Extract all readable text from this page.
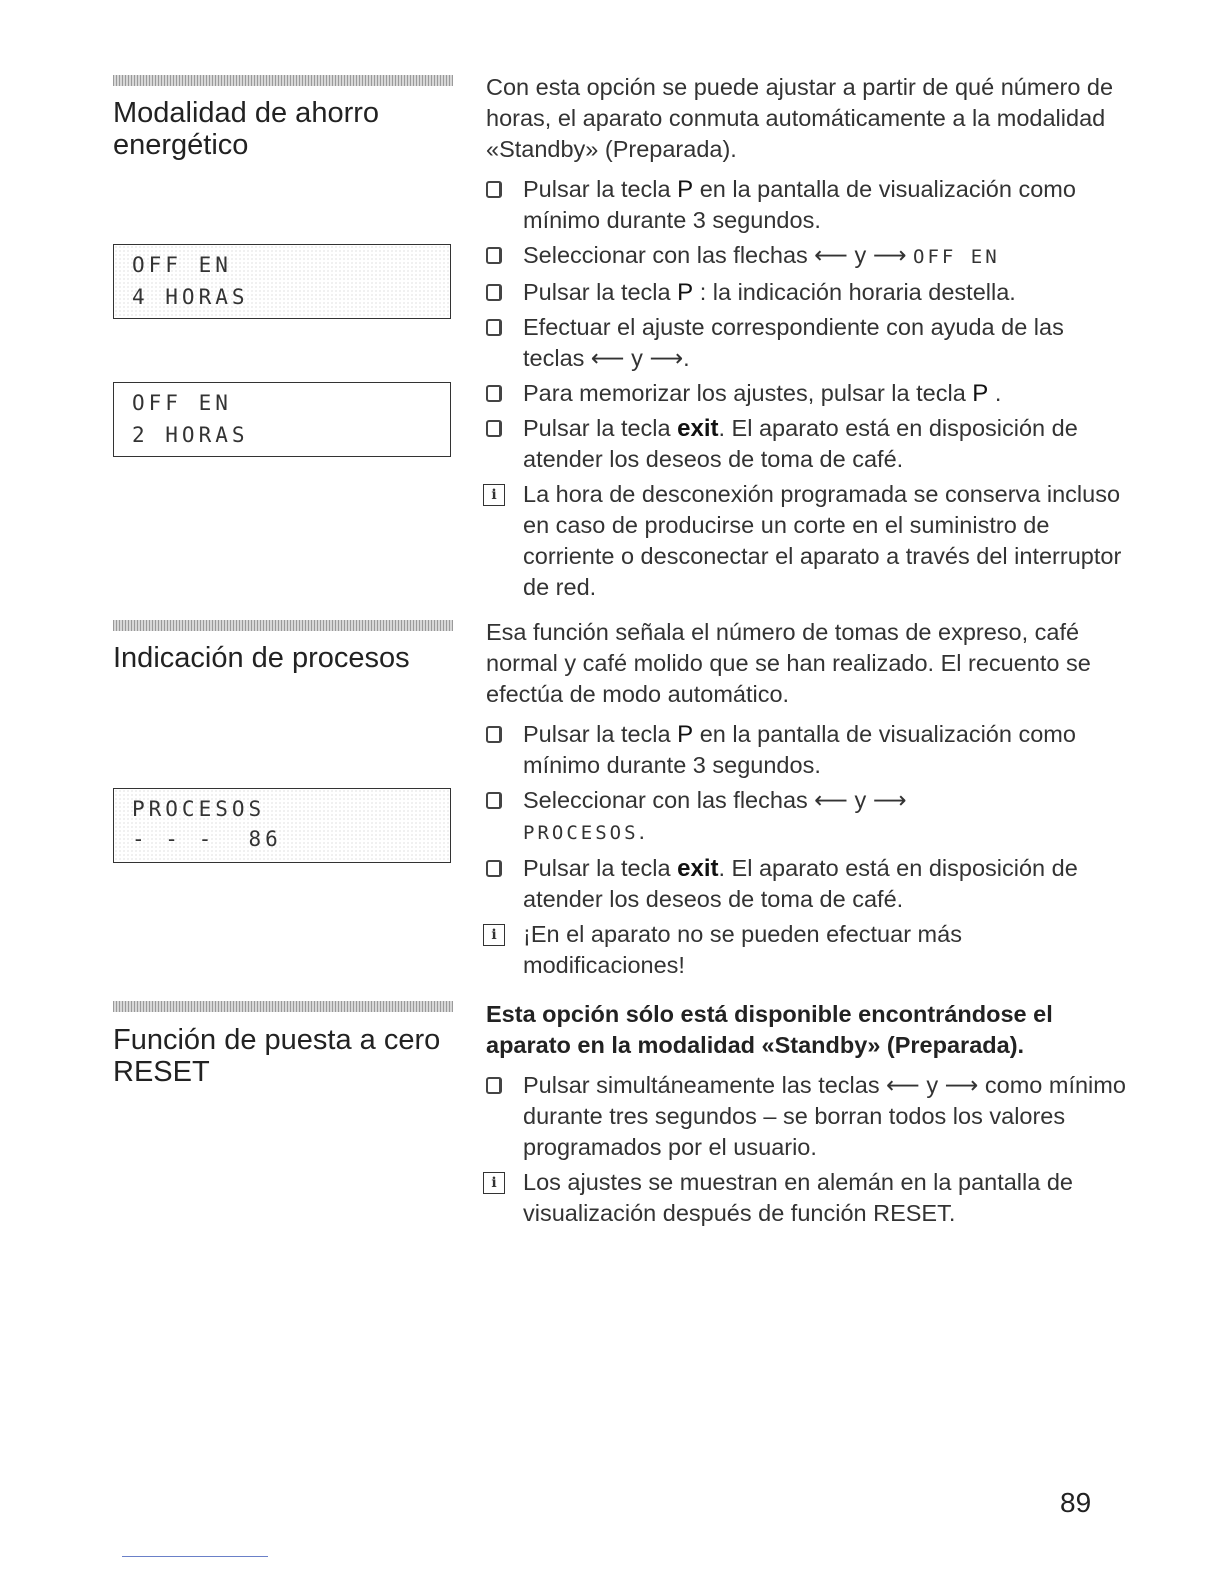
Modalidad de ahorro energético
OFF EN
4 HORAS
OFF EN
2 HORAS

Con esta opción se puede ajustar a partir de qué número de horas, el aparato conmuta automáticamente a la modalidad «Standby» (Preparada).

Pulsar la tecla P en la pantalla de visualización como mínimo durante 3 segundos.
Seleccionar con las flechas ⟵ y ⟶ OFF EN
Pulsar la tecla P : la indicación horaria destella.
Efectuar el ajuste correspondiente con ayuda de las teclas ⟵ y ⟶.
Para memorizar los ajustes, pulsar la tecla P .
Pulsar la tecla exit. El aparato está en disposición de atender los deseos de toma de café.
i	La hora de desconexión programada se conserva incluso en caso de producirse un corte en el suministro de corriente o desconectar el aparato a través del interruptor de red.
Indicación de procesos
PROCESOS
- - -  86

Esa función señala el número de tomas de expreso, café normal y café molido que se han realizado. El recuento se efectúa de modo automático.

Pulsar la tecla P en la pantalla de visualización como mínimo durante 3 segundos.
Seleccionar con las flechas ⟵ y ⟶
PROCESOS.
Pulsar la tecla exit. El aparato está en disposición de atender los deseos de toma de café.
i	¡En el aparato no se pueden efectuar más modificaciones!
Función de puesta a cero RESET

Esta opción sólo está disponible encontrándose el aparato en la modalidad «Standby» (Preparada).

Pulsar simultáneamente las teclas ⟵ y ⟶ como mínimo durante tres segundos – se borran todos los valores programados por el usuario.
i	Los ajustes se muestran en alemán en la pantalla de visualización después de función RESET.
89
